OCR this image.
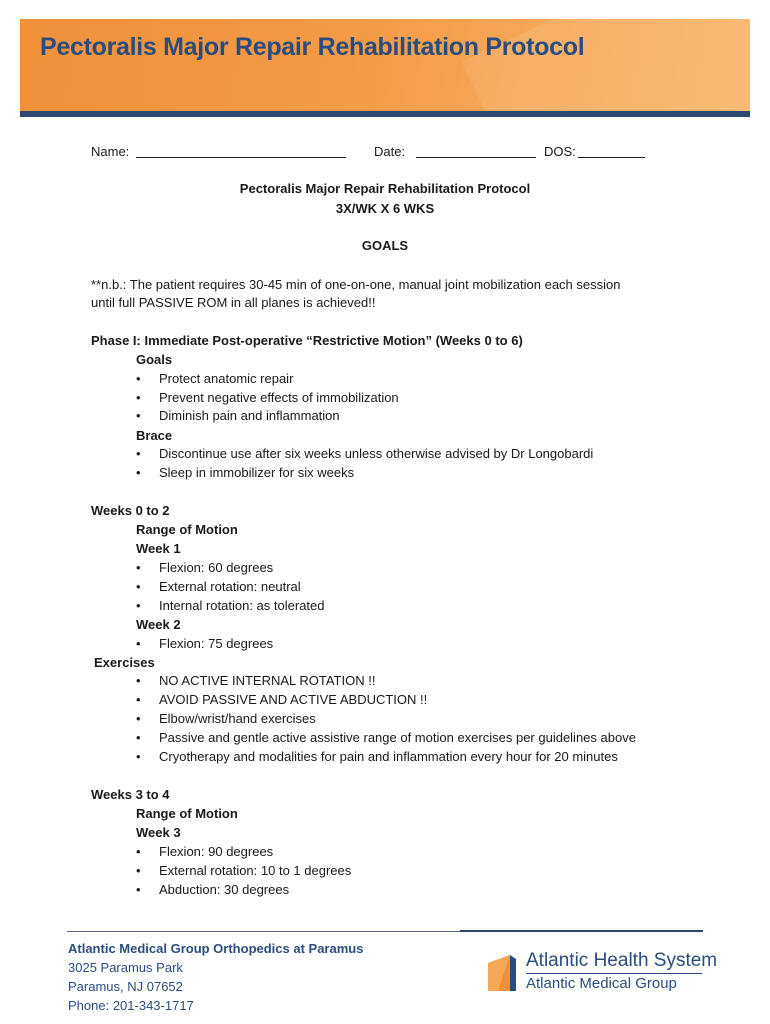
Pectoralis Major Repair Rehabilitation Protocol
Name:	Date:	DOS:
Pectoralis Major Repair Rehabilitation Protocol
3X/WK X 6 WKS
GOALS
**n.b.: The patient requires 30-45 min of one-on-one, manual joint mobilization each session
until full PASSIVE ROM in all planes is achieved!!
Phase I: Immediate Post-operative “Restrictive Motion” (Weeks 0 to 6)
Goals
• Protect anatomic repair
• Prevent negative effects of immobilization
• Diminish pain and inflammation
Brace
• Discontinue use after six weeks unless otherwise advised by Dr Longobardi
• Sleep in immobilizer for six weeks
Weeks 0 to 2
Range of Motion
Week 1
• Flexion: 60 degrees
• External rotation: neutral
• Internal rotation: as tolerated
Week 2
• Flexion: 75 degrees
Exercises
• NO ACTIVE INTERNAL ROTATION !!
• AVOID PASSIVE AND ACTIVE ABDUCTION !!
• Elbow/wrist/hand exercises
• Passive and gentle active assistive range of motion exercises per guidelines above
• Cryotherapy and modalities for pain and inflammation every hour for 20 minutes
Weeks 3 to 4
Range of Motion
Week 3
• Flexion: 90 degrees
• External rotation: 10 to 1 degrees
• Abduction: 30 degrees
Atlantic Medical Group Orthopedics at Paramus
3025 Paramus Park
Paramus, NJ 07652
Phone: 201-343-1717
Atlantic Health System
Atlantic Medical Group
